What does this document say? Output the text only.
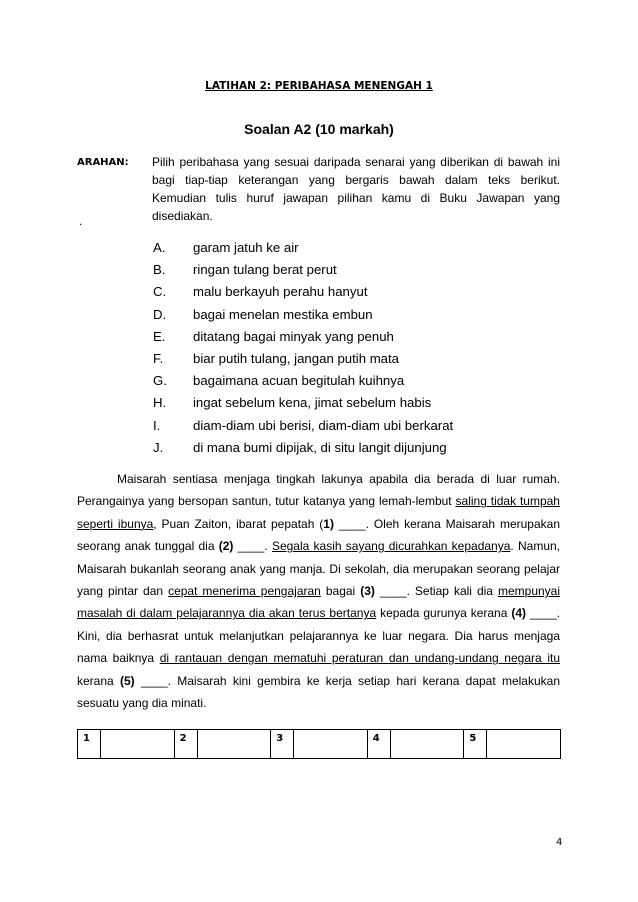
LATIHAN 2: PERIBAHASA MENENGAH 1
Soalan A2 (10 markah)
ARAHAN: Pilih peribahasa yang sesuai daripada senarai yang diberikan di bawah ini bagi tiap-tiap keterangan yang bergaris bawah dalam teks berikut. Kemudian tulis huruf jawapan pilihan kamu di Buku Jawapan yang disediakan.
.
A.	garam jatuh ke air
B.	ringan tulang berat perut
C.	malu berkayuh perahu hanyut
D.	bagai menelan mestika embun
E.	ditatang bagai minyak yang penuh
F.	biar putih tulang, jangan putih mata
G.	bagaimana acuan begitulah kuihnya
H.	ingat sebelum kena, jimat sebelum habis
I.	diam-diam ubi berisi, diam-diam ubi berkarat
J.	di mana bumi dipijak, di situ langit dijunjung

Maisarah sentiasa menjaga tingkah lakunya apabila dia berada di luar rumah. Perangainya yang bersopan santun, tutur katanya yang lemah-lembut saling tidak tumpah seperti ibunya, Puan Zaiton, ibarat pepatah (1) ____. Oleh kerana Maisarah merupakan seorang anak tunggal dia (2) ____. Segala kasih sayang dicurahkan kepadanya. Namun, Maisarah bukanlah seorang anak yang manja. Di sekolah, dia merupakan seorang pelajar yang pintar dan cepat menerima pengajaran bagai (3) ____. Setiap kali dia mempunyai masalah di dalam pelajarannya dia akan terus bertanya kepada gurunya kerana (4) ____. Kini, dia berhasrat untuk melanjutkan pelajarannya ke luar negara. Dia harus menjaga nama baiknya di rantauan dengan mematuhi peraturan dan undang-undang negara itu kerana (5) ____. Maisarah kini gembira ke kerja setiap hari kerana dapat melakukan sesuatu yang dia minati.

1		2		3		4		5	
4
